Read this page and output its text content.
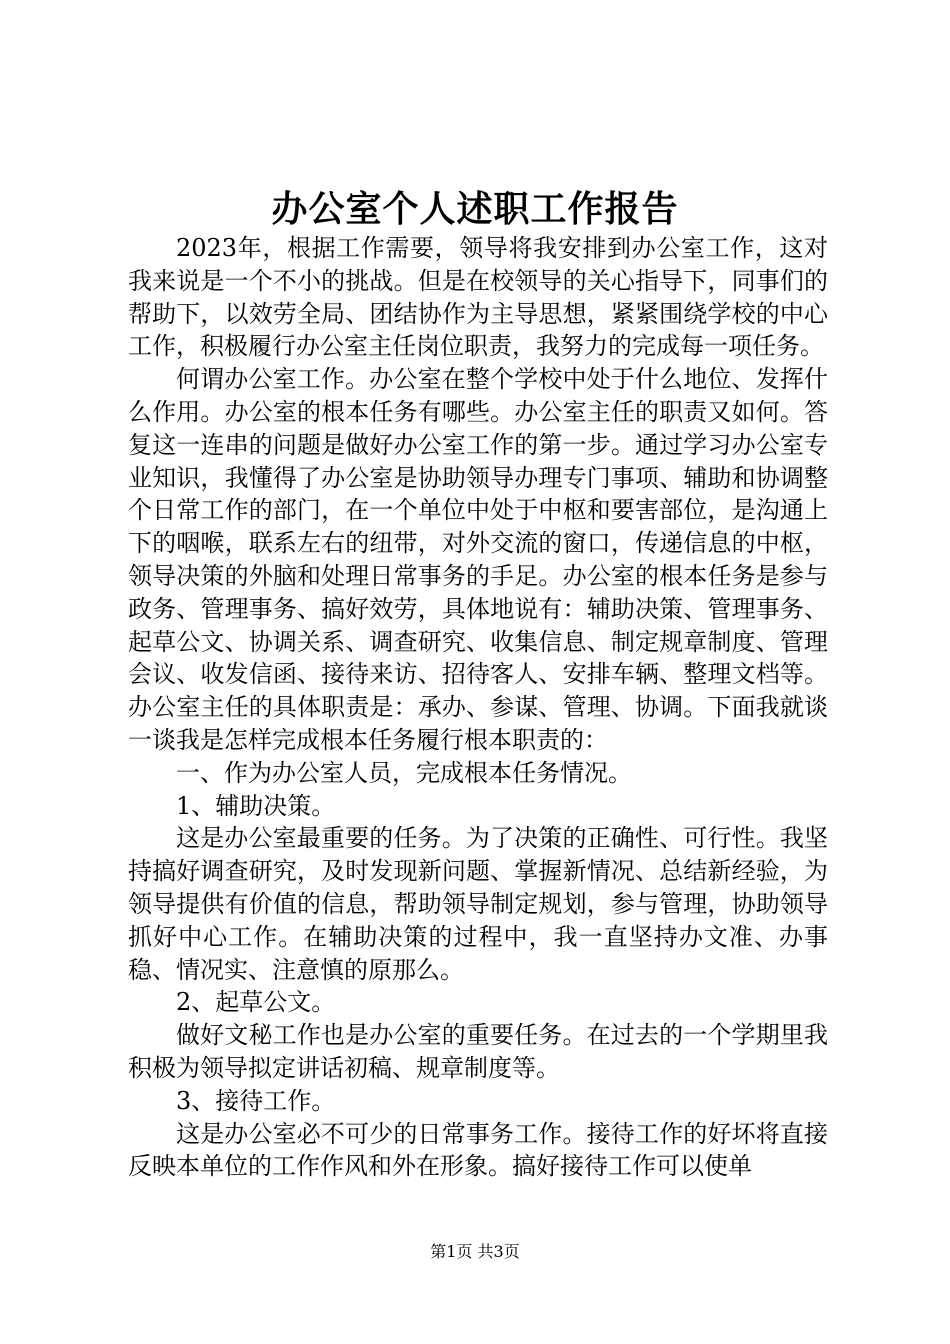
办公室个人述职工作报告

2023年，根据工作需要，领导将我安排到办公室工作，这对我来说是一个不小的挑战。但是在校领导的关心指导下，同事们的帮助下，以效劳全局、团结协作为主导思想，紧紧围绕学校的中心工作，积极履行办公室主任岗位职责，我努力的完成每一项任务。

何谓办公室工作。办公室在整个学校中处于什么地位、发挥什么作用。办公室的根本任务有哪些。办公室主任的职责又如何。答复这一连串的问题是做好办公室工作的第一步。通过学习办公室专业知识，我懂得了办公室是协助领导办理专门事项、辅助和协调整个日常工作的部门，在一个单位中处于中枢和要害部位，是沟通上下的咽喉，联系左右的纽带，对外交流的窗口，传递信息的中枢，领导决策的外脑和处理日常事务的手足。办公室的根本任务是参与政务、管理事务、搞好效劳，具体地说有：辅助决策、管理事务、起草公文、协调关系、调查研究、收集信息、制定规章制度、管理会议、收发信函、接待来访、招待客人、安排车辆、整理文档等。办公室主任的具体职责是：承办、参谋、管理、协调。下面我就谈一谈我是怎样完成根本任务履行根本职责的：

一、作为办公室人员，完成根本任务情况。

1、辅助决策。

这是办公室最重要的任务。为了决策的正确性、可行性。我坚持搞好调查研究，及时发现新问题、掌握新情况、总结新经验，为领导提供有价值的信息，帮助领导制定规划，参与管理，协助领导抓好中心工作。在辅助决策的过程中，我一直坚持办文准、办事稳、情况实、注意慎的原那么。

2、起草公文。

做好文秘工作也是办公室的重要任务。在过去的一个学期里我积极为领导拟定讲话初稿、规章制度等。

3、接待工作。

这是办公室必不可少的日常事务工作。接待工作的好坏将直接反映本单位的工作作风和外在形象。搞好接待工作可以使单

第1页 共3页
